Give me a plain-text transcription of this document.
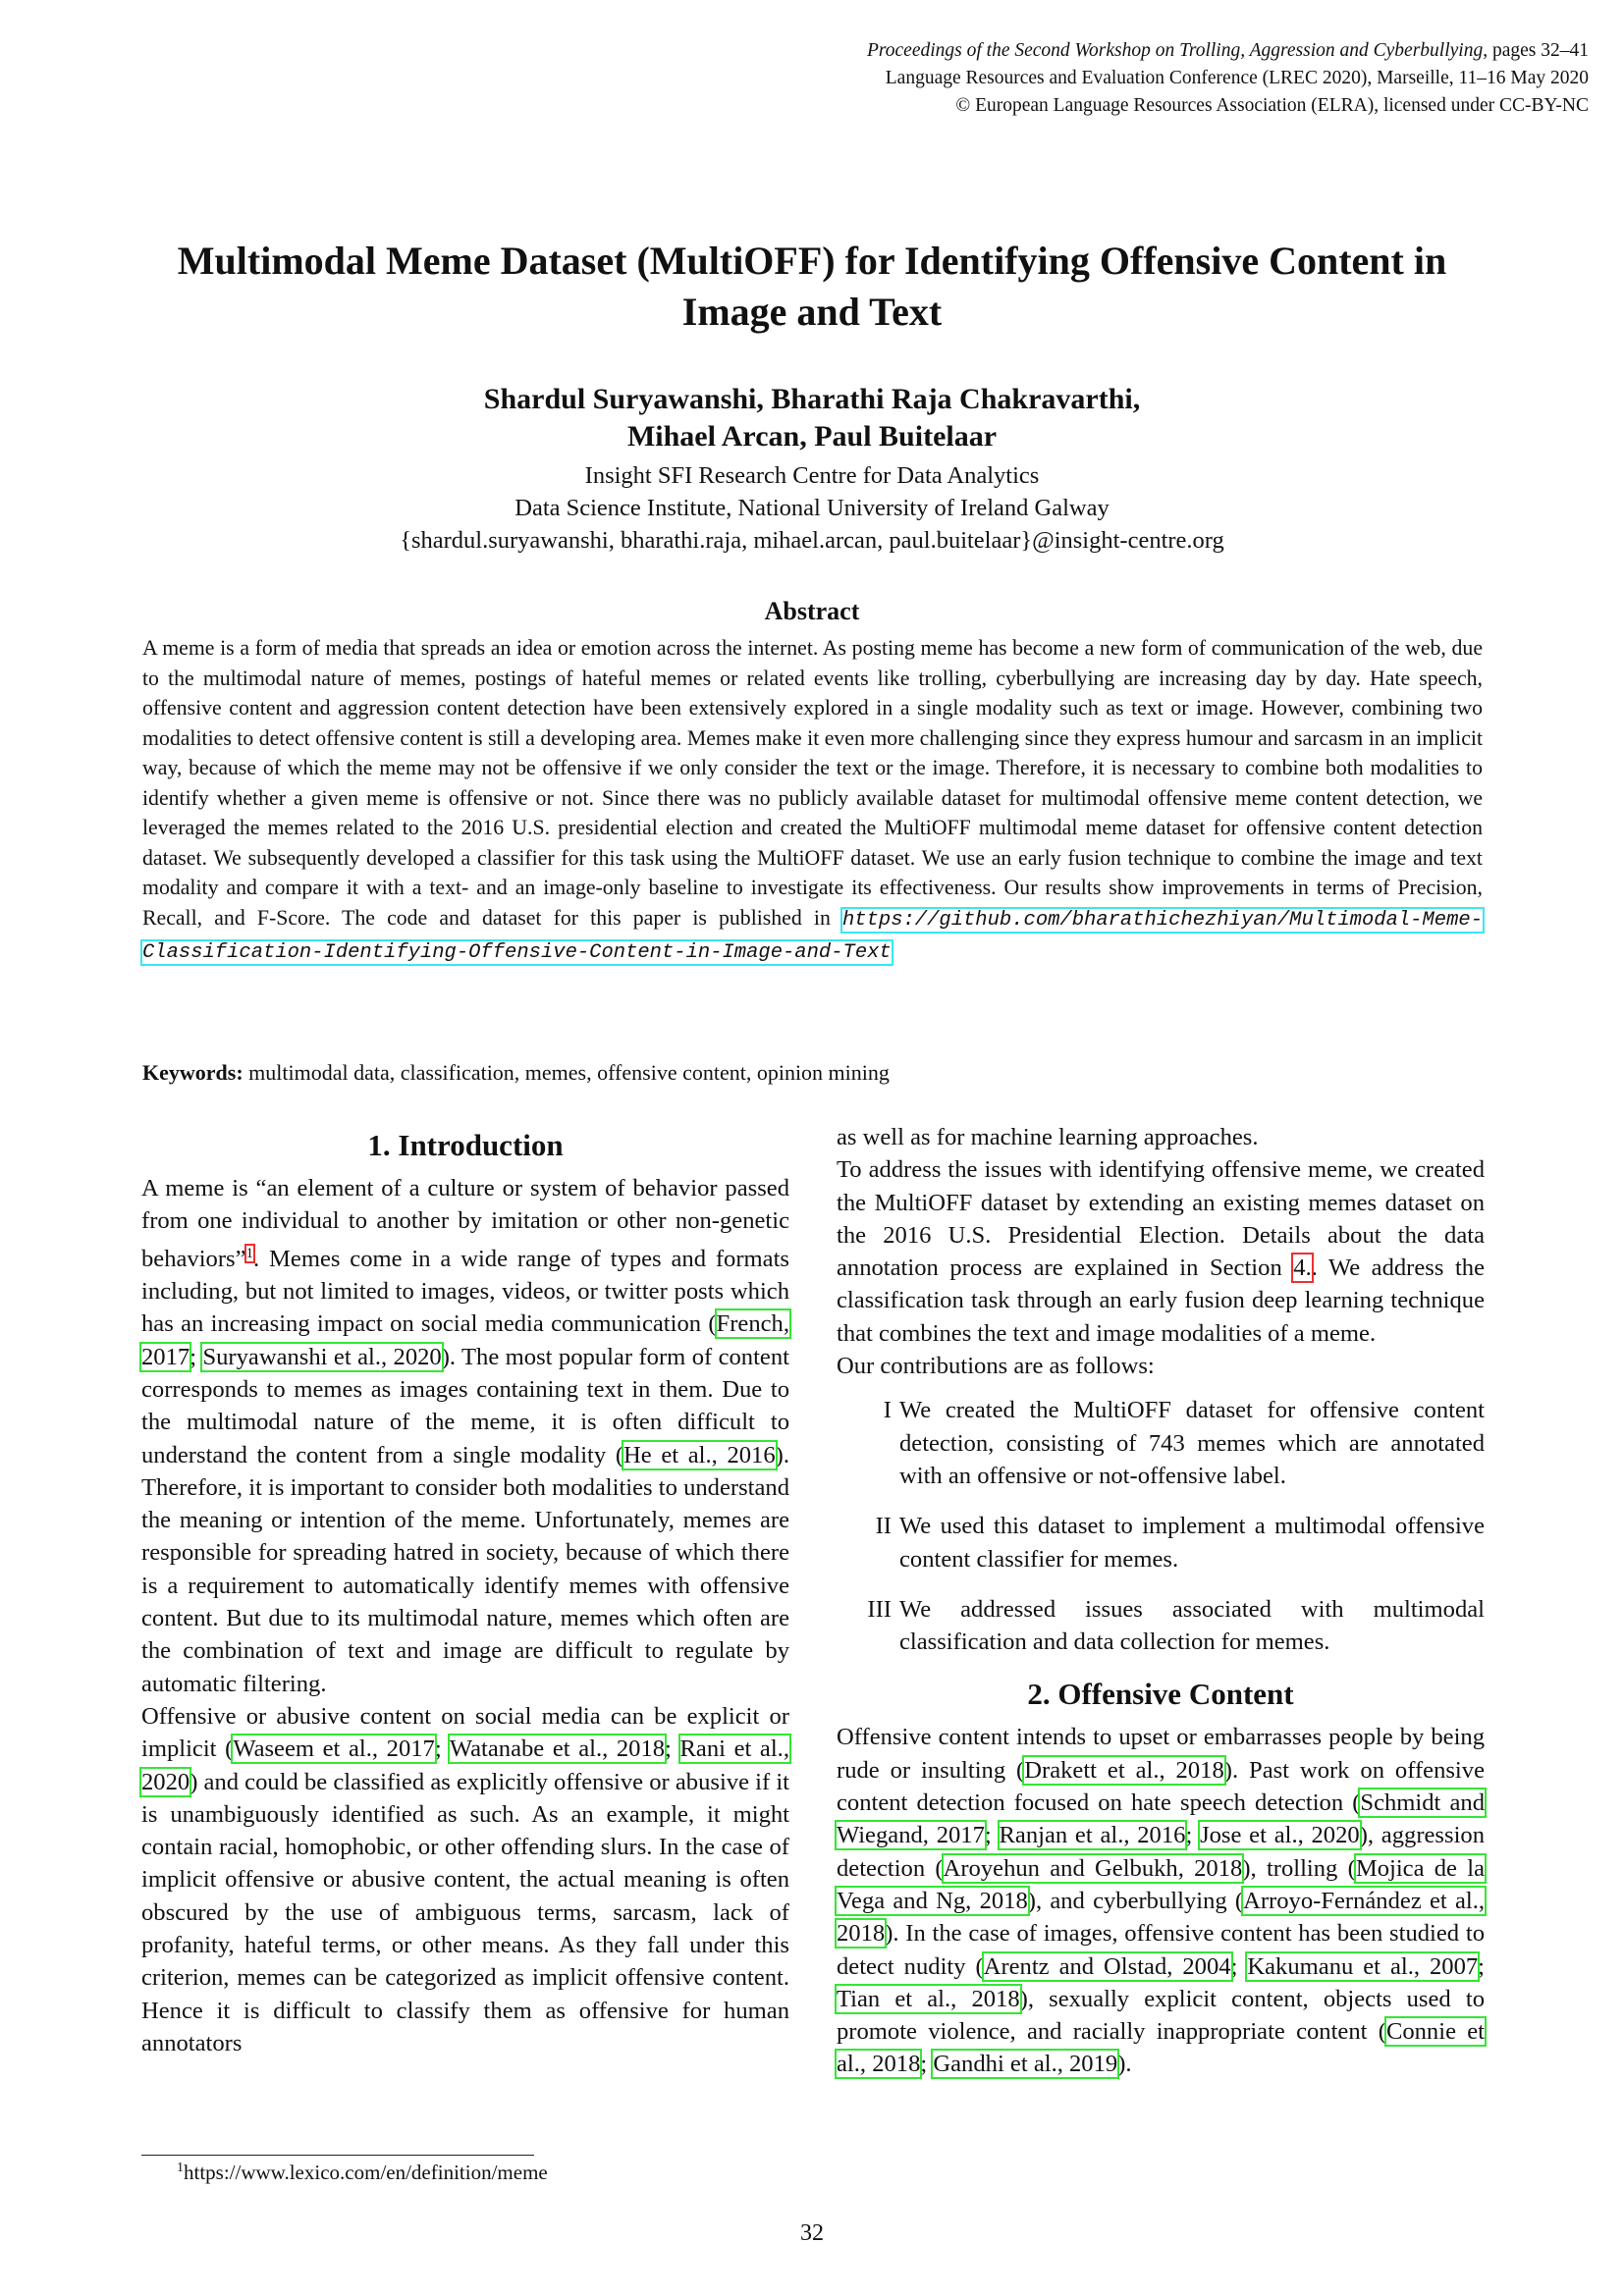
Proceedings of the Second Workshop on Trolling, Aggression and Cyberbullying, pages 32–41
Language Resources and Evaluation Conference (LREC 2020), Marseille, 11–16 May 2020
© European Language Resources Association (ELRA), licensed under CC-BY-NC
Multimodal Meme Dataset (MultiOFF) for Identifying Offensive Content in
Image and Text
Shardul Suryawanshi, Bharathi Raja Chakravarthi,
Mihael Arcan, Paul Buitelaar
Insight SFI Research Centre for Data Analytics
Data Science Institute, National University of Ireland Galway
{shardul.suryawanshi, bharathi.raja, mihael.arcan, paul.buitelaar}@insight-centre.org
Abstract
A meme is a form of media that spreads an idea or emotion across the internet. As posting meme has become a new form of communication of the web, due to the multimodal nature of memes, postings of hateful memes or related events like trolling, cyberbullying are increasing day by day. Hate speech, offensive content and aggression content detection have been extensively explored in a single modality such as text or image. However, combining two modalities to detect offensive content is still a developing area. Memes make it even more challenging since they express humour and sarcasm in an implicit way, because of which the meme may not be offensive if we only consider the text or the image. Therefore, it is necessary to combine both modalities to identify whether a given meme is offensive or not. Since there was no publicly available dataset for multimodal offensive meme content detection, we leveraged the memes related to the 2016 U.S. presidential election and created the MultiOFF multimodal meme dataset for offensive content detection dataset. We subsequently developed a classifier for this task using the MultiOFF dataset. We use an early fusion technique to combine the image and text modality and compare it with a text- and an image-only baseline to investigate its effectiveness. Our results show improvements in terms of Precision, Recall, and F-Score. The code and dataset for this paper is published in https://github.com/bharathichezhiyan/Multimodal-Meme-Classification-Identifying-Offensive-Content-in-Image-and-Text
Keywords: multimodal data, classification, memes, offensive content, opinion mining
1. Introduction

A meme is “an element of a culture or system of behavior passed from one individual to another by imitation or other non-genetic behaviors”$^1$. Memes come in a wide range of types and formats including, but not limited to images, videos, or twitter posts which has an increasing impact on social media communication (French, 2017; Suryawanshi et al., 2020). The most popular form of content corresponds to memes as images containing text in them. Due to the multimodal nature of the meme, it is often difficult to understand the content from a single modality (He et al., 2016). Therefore, it is important to consider both modalities to understand the meaning or intention of the meme. Unfortunately, memes are responsible for spreading hatred in society, because of which there is a requirement to automatically identify memes with offensive content. But due to its multimodal nature, memes which often are the combination of text and image are difficult to regulate by automatic filtering.

Offensive or abusive content on social media can be explicit or implicit (Waseem et al., 2017; Watanabe et al., 2018; Rani et al., 2020) and could be classified as explicitly offensive or abusive if it is unambiguously identified as such. As an example, it might contain racial, homophobic, or other offending slurs. In the case of implicit offensive or abusive content, the actual meaning is often obscured by the use of ambiguous terms, sarcasm, lack of profanity, hateful terms, or other means. As they fall under this criterion, memes can be categorized as implicit offensive content. Hence it is difficult to classify them as offensive for human annotators

as well as for machine learning approaches.

To address the issues with identifying offensive meme, we created the MultiOFF dataset by extending an existing memes dataset on the 2016 U.S. Presidential Election. Details about the data annotation process are explained in Section 4.. We address the classification task through an early fusion deep learning technique that combines the text and image modalities of a meme.

Our contributions are as follows:

I We created the MultiOFF dataset for offensive content detection, consisting of 743 memes which are annotated with an offensive or not-offensive label.
II We used this dataset to implement a multimodal offensive content classifier for memes.
III We addressed issues associated with multimodal classification and data collection for memes.
2. Offensive Content

Offensive content intends to upset or embarrasses people by being rude or insulting (Drakett et al., 2018). Past work on offensive content detection focused on hate speech detection (Schmidt and Wiegand, 2017; Ranjan et al., 2016; Jose et al., 2020), aggression detection (Aroyehun and Gelbukh, 2018), trolling (Mojica de la Vega and Ng, 2018), and cyberbullying (Arroyo-Fernández et al., 2018). In the case of images, offensive content has been studied to detect nudity (Arentz and Olstad, 2004; Kakumanu et al., 2007; Tian et al., 2018), sexually explicit content, objects used to promote violence, and racially inappropriate content (Connie et al., 2018; Gandhi et al., 2019).

$^1$https://www.lexico.com/en/definition/meme
32
